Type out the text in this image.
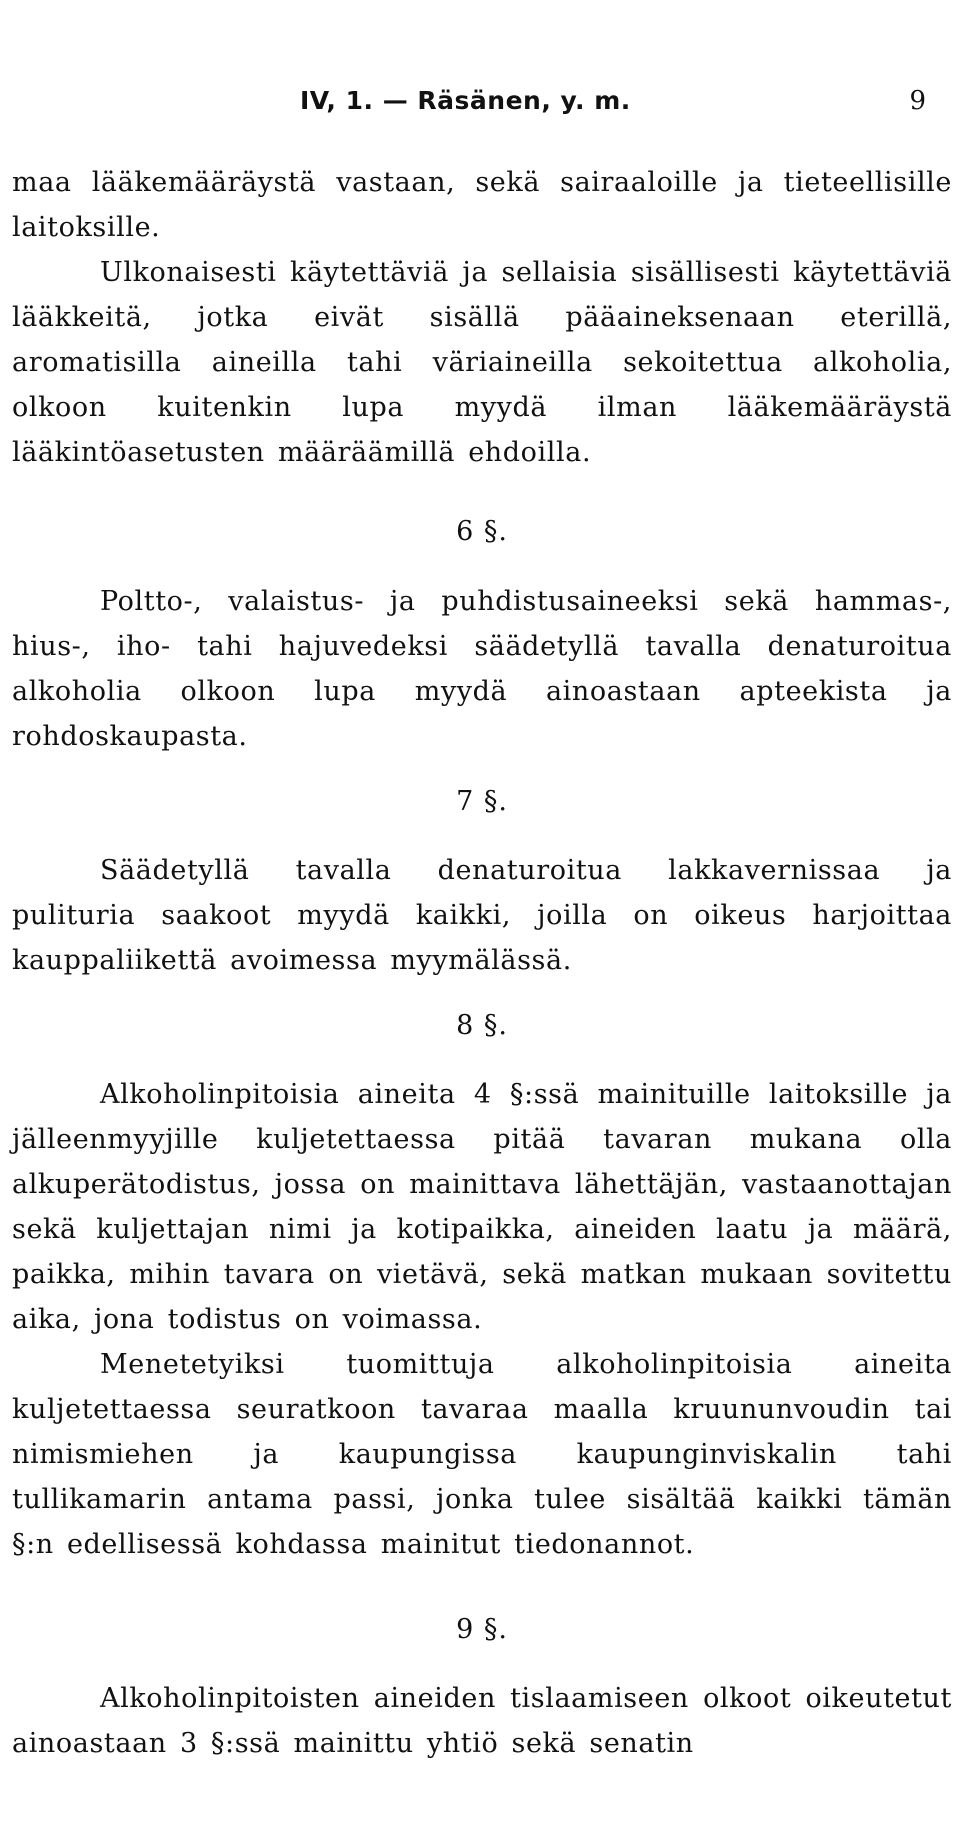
IV, 1. — Räsänen, y. m.	9

maa lääkemääräystä vastaan, sekä sairaaloille ja tieteellisille laitoksille.

Ulkonaisesti käytettäviä ja sellaisia sisällisesti käytettäviä lääkkeitä, jotka eivät sisällä pääaineksenaan eterillä, aromatisilla aineilla tahi väriaineilla sekoitettua alkoholia, olkoon kuitenkin lupa myydä ilman lääkemääräystä lääkintöasetusten määräämillä ehdoilla.

6 §.

Poltto-, valaistus- ja puhdistusaineeksi sekä hammas-, hius-, iho- tahi hajuvedeksi säädetyllä tavalla denaturoitua alkoholia olkoon lupa myydä ainoastaan apteekista ja rohdoskaupasta.

7 §.

Säädetyllä tavalla denaturoitua lakkavernissaa ja pulituria saakoot myydä kaikki, joilla on oikeus harjoittaa kauppaliikettä avoimessa myymälässä.

8 §.

Alkoholinpitoisia aineita 4 §:ssä mainituille laitoksille ja jälleenmyyjille kuljetettaessa pitää tavaran mukana olla alkuperätodistus, jossa on mainittava lähettäjän, vastaanottajan sekä kuljettajan nimi ja kotipaikka, aineiden laatu ja määrä, paikka, mihin tavara on vietävä, sekä matkan mukaan sovitettu aika, jona todistus on voimassa.

Menetetyiksi tuomittuja alkoholinpitoisia aineita kuljetettaessa seuratkoon tavaraa maalla kruununvoudin tai nimismiehen ja kaupungissa kaupunginviskalin tahi tullikamarin antama passi, jonka tulee sisältää kaikki tämän §:n edellisessä kohdassa mainitut tiedonannot.

9 §.

Alkoholinpitoisten aineiden tislaamiseen olkoot oikeutetut ainoastaan 3 §:ssä mainittu yhtiö sekä senatin
